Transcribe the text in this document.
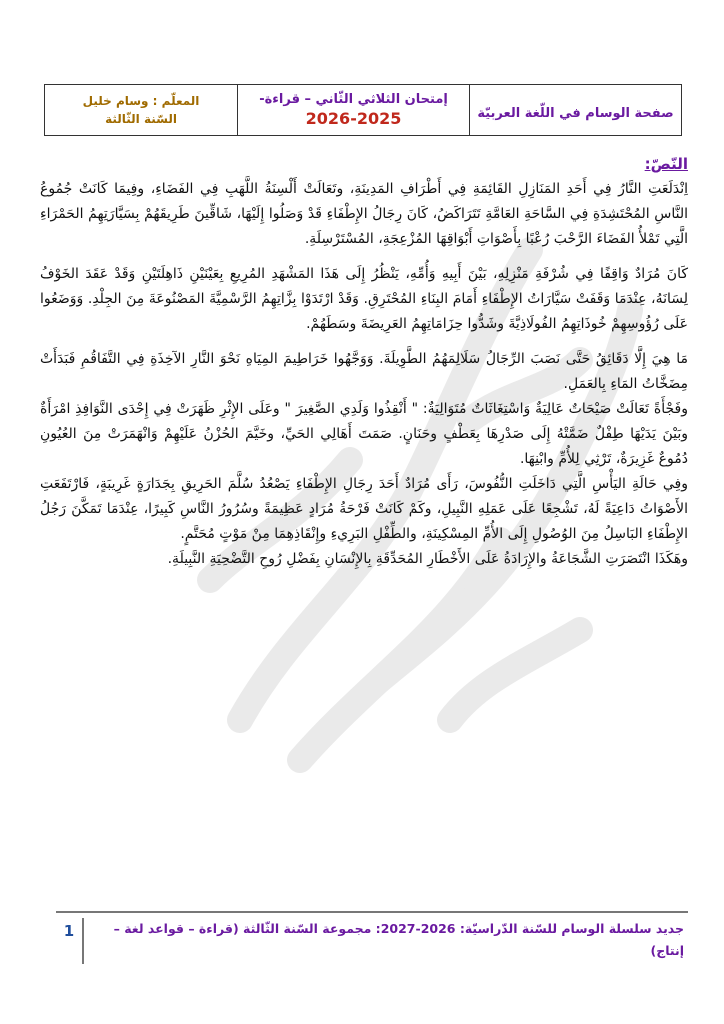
صفحة الوسام في اللّغة العربيّة
إمتحان الثلاثي الثّاني – قراءة-
2026-2025
المعلّم : وسام خليل
السّنة الثّالثة
النّصّ:

اِنْدَلَعَتِ النَّارُ فِي أَحَدِ المَنَازِلِ القَائِمَةِ فِي أَطْرَافِ المَدِينَةِ، وتَعَالَتْ أَلْسِنَةُ اللَّهَبِ فِي الفَضَاءِ، وفِيمَا كَانَتْ جُمُوعُ النَّاسِ المُحْتَشِدَةِ فِي السَّاحَةِ العَامَّةِ تَتَرَاكَضُ، كَانَ رِجَالُ الإِطْفَاءِ قَدْ وَصَلُوا إِلَيْهَا، شَاقِّينَ طَرِيقَهُمْ بِسَيَّارَتِهِمُ الحَمْرَاءِ الَّتِي تَمْلأُ الفَضَاءَ الرَّحْبَ رُعْبًا بِأَصْوَاتِ أَبْوَاقِهَا المُزْعِجَةِ، المُسْتَرْسِلَةِ.

كَانَ مُرَادٌ وَاقِفًا فِي شُرْفَةِ مَنْزِلِهِ، بَيْنَ أَبِيهِ وَأُمِّهِ، يَنْظُرُ إِلَى هَذَا المَشْهَدِ المُرِيعِ بِعَيْنَيْنِ ذَاهِلَتَيْنِ وَقَدْ عَقَدَ الخَوْفُ لِسَانَهُ، عِنْدَمَا وَقَفَتْ سَيَّارَاتُ الإِطْفَاءِ أَمَامَ البِنَاءِ المُحْتَرِقِ. وَقَدْ ارْتَدَوْا بِزَّاتِهِمُ الرَّسْمِيَّةَ المَصْنُوعَةَ مِنَ الجِلْدِ. وَوَضَعُوا عَلَى رُؤُوسِهِمْ خُوذَاتِهِمُ الفُولَاذِيَّةَ وشَدُّوا حِزَامَاتِهِمُ العَرِيضَةَ وسَطَهُمْ.

مَا هِيَ إِلَّا دَقَائِقُ حَتَّى نَصَبَ الرِّجَالُ سَلَالِمَهُمُ الطَّوِيلَةَ. وَوَجَّهُوا خَرَاطِيمَ المِيَاهِ نَحْوَ النَّارِ الآخِذَةِ فِي التَّفَاقُمِ فَبَدَأَتْ مِضَخَّاتُ المَاءِ بِالعَمَلِ.

وفَجْأَةً تَعَالَتْ صَيْحَاتٌ عَالِيَةٌ وَاسْتِغَاثَاتٌ مُتَوَالِيَةٌ: " أَنْقِذُوا وَلَدِي الصَّغِيرَ " وعَلَى الإِثْرِ ظَهَرَتْ فِي إِحْدَى النَّوَافِذِ امْرَأَةٌ وبَيْنَ يَدَيْهَا طِفْلٌ ضَمَّتْهُ إِلَى صَدْرِهَا بِعَطْفٍ وحَنَانٍ. صَمَتَ أَهَالِي الحَيِّ، وخَيَّمَ الحُزْنُ عَلَيْهِمْ وَانْهَمَرَتْ مِنَ العُيُونِ دُمُوعٌ غَزِيرَةٌ، تَرْثِي لِلأُمِّ وابْنِهَا.

وفِي حَالَةِ اليَأْسِ الَّتِي دَاخَلَتِ النُّفُوسَ، رَأَى مُرَادٌ أَحَدَ رِجَالِ الإِطْفَاءِ يَصْعُدُ سُلَّمَ الحَرِيقِ بِجَدَارَةٍ غَرِيبَةٍ، فَارْتَفَعَتِ الأَصْوَاتُ دَاعِيَةً لَهُ، تَشْجِعًا عَلَى عَمَلِهِ النَّبِيلِ، وكَمْ كَانَتْ فَرْحَةُ مُرَادٍ عَظِيمَةً وسُرُورُ النَّاسِ كَبِيرًا، عِنْدَمَا تَمَكَّنَ رَجُلُ الإِطْفَاءِ البَاسِلُ مِنَ الوُصُولِ إِلَى الأُمِّ المِسْكِينَةِ، والطِّفْلِ البَرِيءِ وإِنْقَاذِهِمَا مِنْ مَوْتٍ مُحَتَّمٍ.

وهَكَذَا انْتَصَرَتِ الشَّجَاعَةُ والإِرَادَةُ عَلَى الأَخْطَارِ المُحَدِّقَةِ بِالإِنْسَانِ بِفَضْلِ رُوحِ التَّضْحِيَةِ النَّبِيلَةِ.

1	جديد سلسلة الوسام للسّنة الدّراسيّة: 2026-2027: مجموعة السّنة الثّالثة (قراءة – قواعد لغة – إنتاج)
